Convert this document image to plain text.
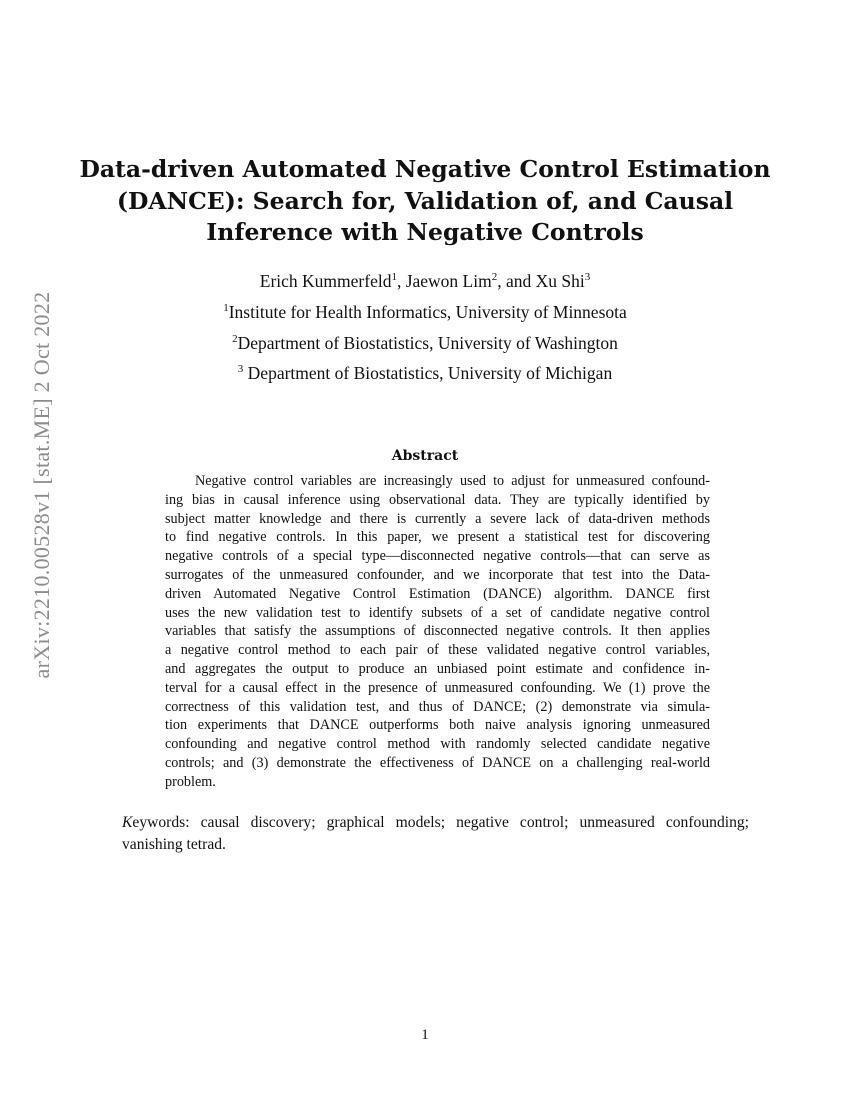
arXiv:2210.00528v1 [stat.ME] 2 Oct 2022
Data-driven Automated Negative Control Estimation
(DANCE): Search for, Validation of, and Causal
Inference with Negative Controls
Erich Kummerfeld$^1$, Jaewon Lim$^2$, and Xu Shi$^3$
$^1$Institute for Health Informatics, University of Minnesota
$^2$Department of Biostatistics, University of Washington
$^3$ Department of Biostatistics, University of Michigan
Abstract
Negative control variables are increasingly used to adjust for unmeasured confound-
ing bias in causal inference using observational data. They are typically identified by
subject matter knowledge and there is currently a severe lack of data-driven methods
to find negative controls. In this paper, we present a statistical test for discovering
negative controls of a special type—disconnected negative controls—that can serve as
surrogates of the unmeasured confounder, and we incorporate that test into the Data-
driven Automated Negative Control Estimation (DANCE) algorithm. DANCE first
uses the new validation test to identify subsets of a set of candidate negative control
variables that satisfy the assumptions of disconnected negative controls. It then applies
a negative control method to each pair of these validated negative control variables,
and aggregates the output to produce an unbiased point estimate and confidence in-
terval for a causal effect in the presence of unmeasured confounding. We (1) prove the
correctness of this validation test, and thus of DANCE; (2) demonstrate via simula-
tion experiments that DANCE outperforms both naive analysis ignoring unmeasured
confounding and negative control method with randomly selected candidate negative
controls; and (3) demonstrate the effectiveness of DANCE on a challenging real-world
problem.
Keywords: causal discovery; graphical models; negative control; unmeasured confounding;
vanishing tetrad.
1
